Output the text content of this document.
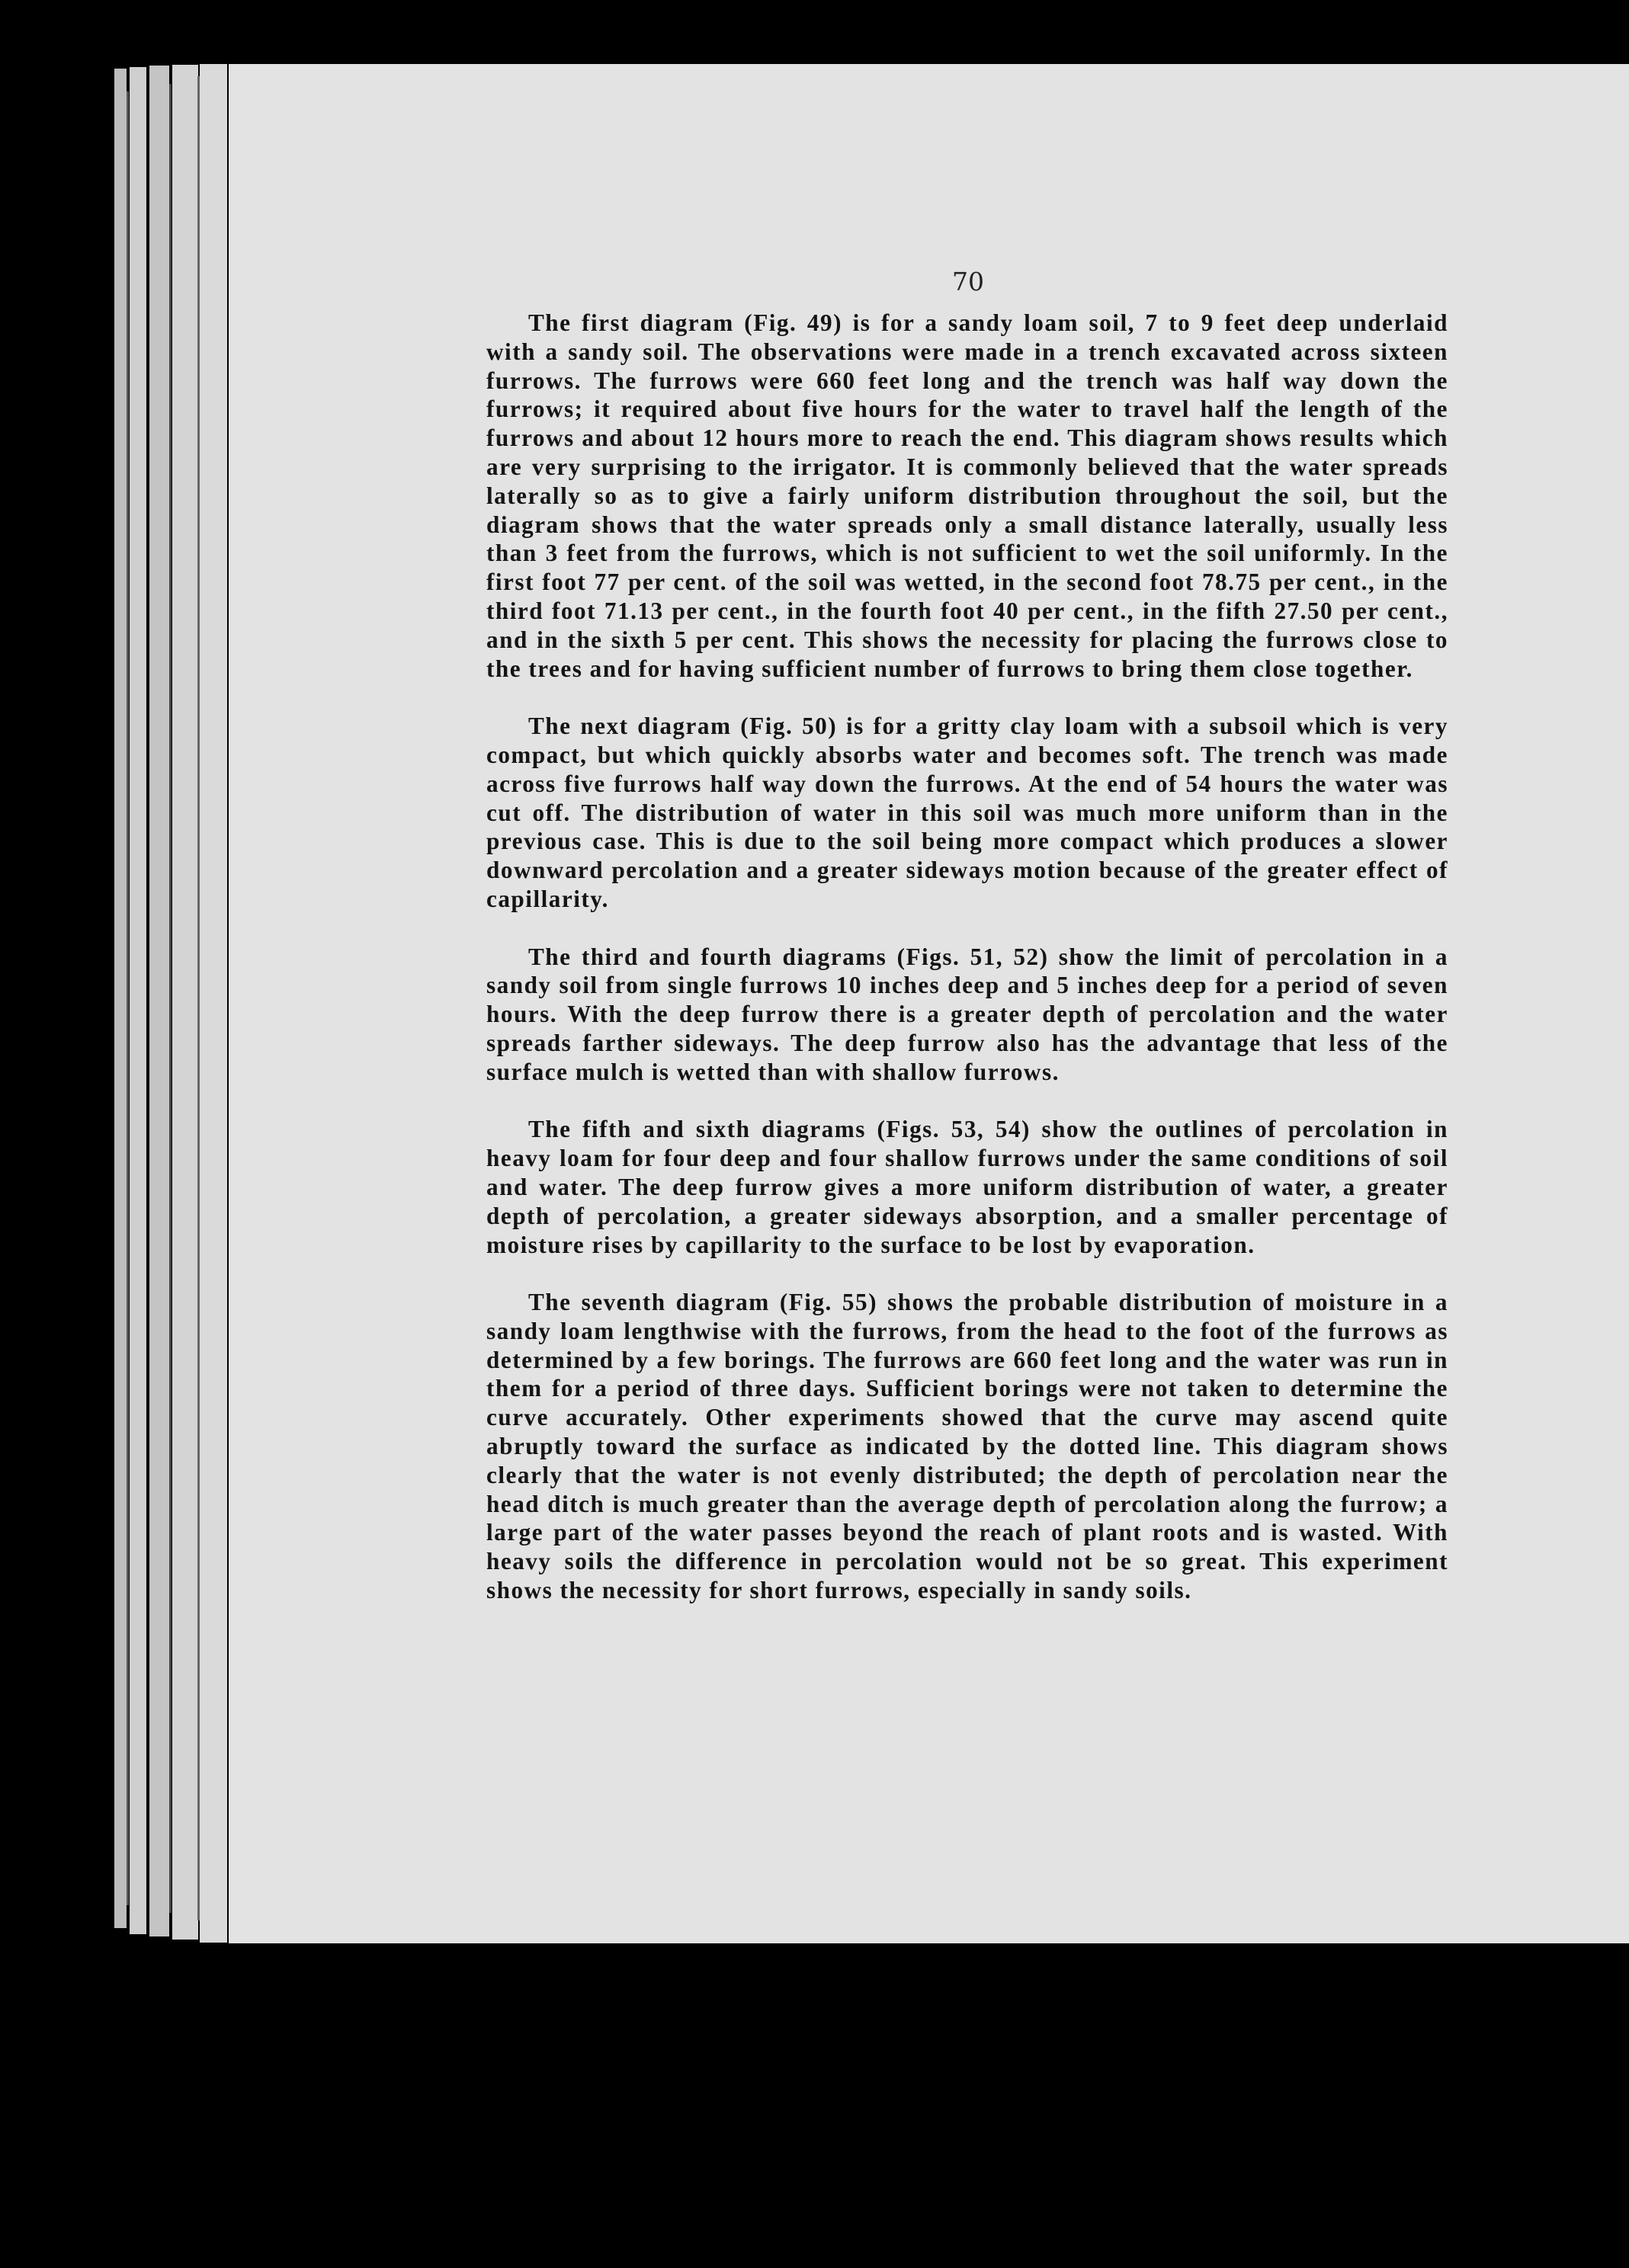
70

The first diagram (Fig. 49) is for a sandy loam soil, 7 to 9 feet deep underlaid with a sandy soil. The observations were made in a trench excavated across sixteen furrows. The furrows were 660 feet long and the trench was half way down the furrows; it required about five hours for the water to travel half the length of the furrows and about 12 hours more to reach the end. This diagram shows results which are very surprising to the irrigator. It is commonly believed that the water spreads laterally so as to give a fairly uniform distribution throughout the soil, but the diagram shows that the water spreads only a small distance laterally, usually less than 3 feet from the furrows, which is not sufficient to wet the soil uniformly. In the first foot 77 per cent. of the soil was wetted, in the second foot 78.75 per cent., in the third foot 71.13 per cent., in the fourth foot 40 per cent., in the fifth 27.50 per cent., and in the sixth 5 per cent. This shows the necessity for placing the furrows close to the trees and for having sufficient number of furrows to bring them close together.

The next diagram (Fig. 50) is for a gritty clay loam with a subsoil which is very compact, but which quickly absorbs water and becomes soft. The trench was made across five furrows half way down the furrows. At the end of 54 hours the water was cut off. The distribution of water in this soil was much more uniform than in the previous case. This is due to the soil being more compact which produces a slower downward percolation and a greater sideways motion because of the greater effect of capillarity.

The third and fourth diagrams (Figs. 51, 52) show the limit of percolation in a sandy soil from single furrows 10 inches deep and 5 inches deep for a period of seven hours. With the deep furrow there is a greater depth of percolation and the water spreads farther sideways. The deep furrow also has the advantage that less of the surface mulch is wetted than with shallow furrows.

The fifth and sixth diagrams (Figs. 53, 54) show the outlines of percolation in heavy loam for four deep and four shallow furrows under the same conditions of soil and water. The deep furrow gives a more uniform distribution of water, a greater depth of percolation, a greater sideways absorption, and a smaller percentage of moisture rises by capillarity to the surface to be lost by evaporation.

The seventh diagram (Fig. 55) shows the probable distribution of moisture in a sandy loam lengthwise with the furrows, from the head to the foot of the furrows as determined by a few borings. The furrows are 660 feet long and the water was run in them for a period of three days. Sufficient borings were not taken to determine the curve accurately. Other experiments showed that the curve may ascend quite abruptly toward the surface as indicated by the dotted line. This diagram shows clearly that the water is not evenly distributed; the depth of percolation near the head ditch is much greater than the average depth of percolation along the furrow; a large part of the water passes beyond the reach of plant roots and is wasted. With heavy soils the difference in percolation would not be so great. This experiment shows the necessity for short furrows, especially in sandy soils.
